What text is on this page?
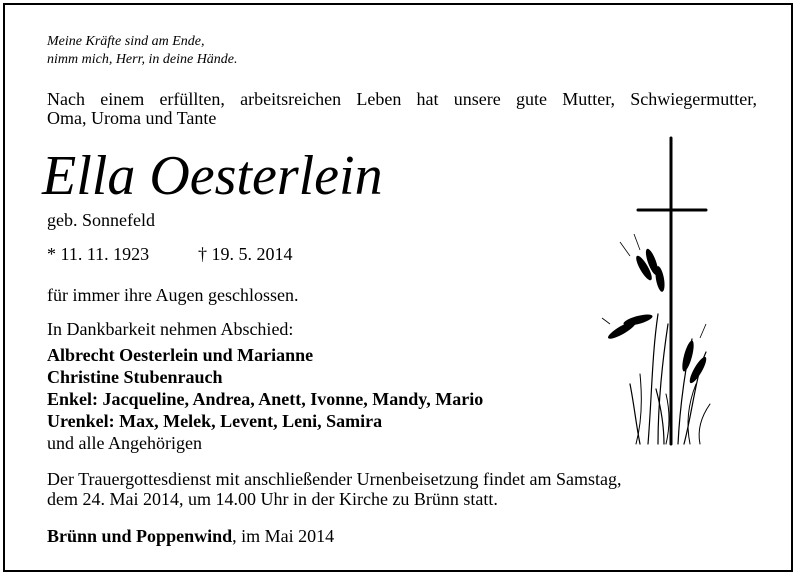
Meine Kräfte sind am Ende,
nimm mich, Herr, in deine Hände.
Nach einem erfüllten, arbeitsreichen Leben hat unsere gute Mutter, Schwiegermutter,
Oma, Uroma und Tante
Ella Oesterlein
geb. Sonnefeld
* 11. 11. 1923	† 19. 5. 2014
für immer ihre Augen geschlossen.
In Dankbarkeit nehmen Abschied:
Albrecht Oesterlein und Marianne
Christine Stubenrauch
Enkel: Jacqueline, Andrea, Anett, Ivonne, Mandy, Mario
Urenkel: Max, Melek, Levent, Leni, Samira
und alle Angehörigen
Der Trauergottesdienst mit anschließender Urnenbeisetzung findet am Samstag,
dem 24. Mai 2014, um 14.00 Uhr in der Kirche zu Brünn statt.
Brünn und Poppenwind, im Mai 2014
